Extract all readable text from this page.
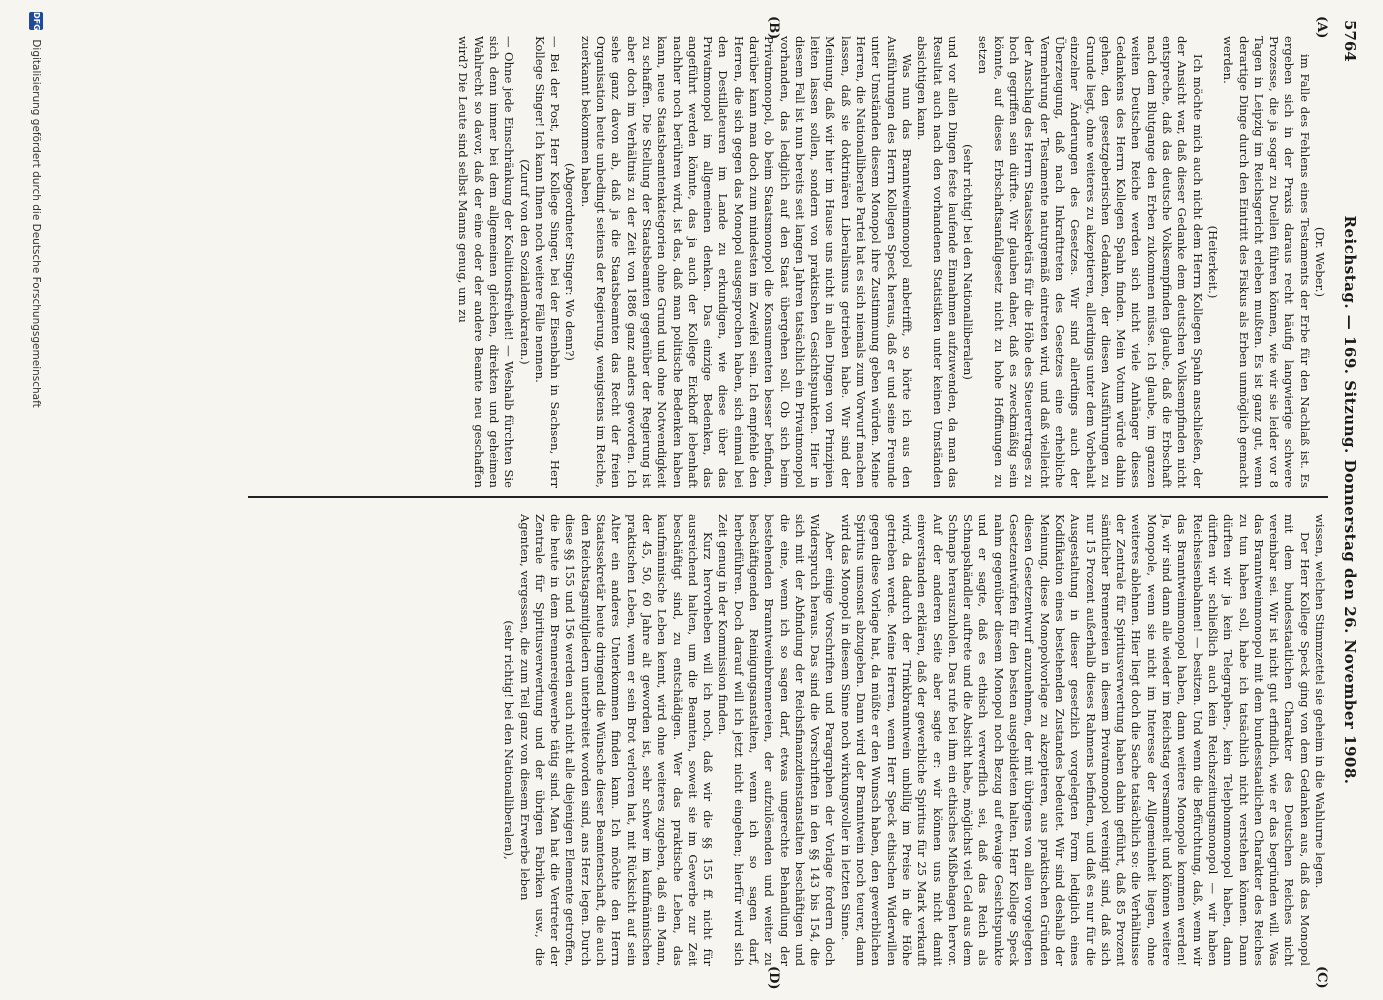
5764
Reichstag. — 169. Sitzung. Donnerstag den 26. November 1908.
(A)
(B)
(C)
(D)

(Dr. Weber.)

im Falle des Fehlens eines Testaments der Erbe für den Nachlaß ist. Es ergeben sich in der Praxis daraus recht häufig langwierige schwere Prozesse, die ja sogar zu Duellen führen können, wie wir sie leider vor 8 Tagen in Leipzig im Reichsgericht erleben mußten. Es ist ganz gut, wenn derartige Dinge durch den Eintritt des Fiskus als Erben unmöglich gemacht werden.

(Heiterkeit.)

Ich möchte mich auch nicht dem Herrn Kollegen Spahn anschließen, der der Ansicht war, daß dieser Gedanke dem deutschen Volksempfinden nicht entspreche, daß das deutsche Volksempfinden glaube, daß die Erbschaft nach dem Blutgange den Erben zukommen müsse. Ich glaube, im ganzen weiten Deutschen Reiche werden sich nicht viele Anhänger dieses Gedankens des Herrn Kollegen Spahn finden. Mein Votum würde dahin gehen, den gesetzgeberischen Gedanken, der diesen Ausführungen zu Grunde liegt, ohne weiteres zu akzeptieren, allerdings unter dem Vorbehalt einzelner Änderungen des Gesetzes. Wir sind allerdings auch der Überzeugung, daß nach Inkrafttreten des Gesetzes eine erhebliche Vermehrung der Testamente naturgemäß eintreten wird, und daß vielleicht der Anschlag des Herrn Staatssekretärs für die Höhe des Steuerertrages zu hoch gegriffen sein dürfte. Wir glauben daher, daß es zweckmäßig sein könnte, auf dieses Erbschaftsanfallgesetz nicht zu hohe Hoffnungen zu setzen

(sehr richtig! bei den Nationalliberalen)

und vor allen Dingen feste laufende Einnahmen aufzuwenden, da man das Resultat auch nach den vorhandenen Statistiken unter keinen Umständen absichtigen kann.

Was nun das Branntweinmonopol anbetrifft, so hörte ich aus den Ausführungen des Herrn Kollegen Speck heraus, daß er und seine Freunde unter Umständen diesem Monopol ihre Zustimmung geben würden. Meine Herren, die Nationalliberale Partei hat es sich niemals zum Vorwurf machen lassen, daß sie doktrinären Liberalismus getrieben habe. Wir sind der Meinung, daß wir hier im Hause uns nicht in allen Dingen von Prinzipien leiten lassen sollen, sondern von praktischen Gesichtspunkten. Hier in diesem Fall ist nun bereits seit langen Jahren tatsächlich ein Privatmonopol vorhanden, das lediglich auf den Staat übergehen soll. Ob sich beim Privatmonopol, ob beim Staatsmonopol die Konsumenten besser befinden, darüber kann man doch zum mindesten im Zweifel sein. Ich empfehle den Herren, die sich gegen das Monopol ausgesprochen haben, sich einmal bei den Destillateuren im Lande zu erkundigen, wie diese über das Privatmonopol im allgemeinen denken. Das einzige Bedenken, das angeführt werden könnte, das ja auch der Kollege Eickhoff lebenhaft nachher noch berühren wird, ist das, daß man politische Bedenken haben kann, neue Staatsbeamtenkategorien ohne Grund und ohne Notwendigkeit zu schaffen. Die Stellung der Staatsbeamten gegenüber der Regierung ist aber doch im Verhältnis zu der Zeit von 1886 ganz anders geworden. Ich sehe ganz davon ab, daß ja die Staatsbeamten das Recht der freien Organisation heute unbedingt seitens der Regierung, wenigstens im Reiche, zuerkannt bekommen haben.

(Abgeordneter Singer: Wo denn?)

— Bei der Post, Herr Kollege Singer, bei der Eisenbahn in Sachsen, Herr Kollege Singer! Ich kann Ihnen noch weitere Fälle nennen.

(Zuruf von den Sozialdemokraten.)

— Ohne jede Einschränkung der Koalitionsfreiheit! — Weshalb fürchten Sie sich denn immer bei dem allgemeinen gleichen, direkten und geheimen Wahlrecht so davor, daß der eine oder der andere Beamte neu geschaffen wird? Die Leute sind selbst Manns genug, um zu

wissen, welchen Stimmzettel sie geheim in die Wahlurne legen.

Der Herr Kollege Speck ging von dem Gedanken aus, daß das Monopol mit dem bundesstaatlichen Charakter des Deutschen Reiches nicht vereinbar sei. Wir ist nicht gut erfindlich, wie er das begründen will. Was das Branntweinmonopol mit dem bundesstaatlichen Charakter des Reiches zu tun haben soll, habe ich tatsächlich nicht verstehen können. Dann dürften wir ja kein Telegraphen-, kein Telephonmonopol haben, dann dürften wir schließlich auch kein Reichszeitungsmonopol — wir haben Reichseisenbahnen! — besitzen. Und wenn die Befürchtung, daß, wenn wir das Branntweinmonopol haben, dann weitere Monopole kommen werden! Ja, wir sind dann alle wieder im Reichstag versammelt und können weitere Monopole, wenn sie nicht im Interesse der Allgemeinheit liegen, ohne weiteres ablehnen. Hier liegt doch die Sache tatsächlich so: die Verhältnisse der Zentrale für Spiritusverwertung haben dahin geführt, daß 85 Prozent sämtlicher Brennereien in diesem Privatmonopol vereinigt sind, daß sich nur 15 Prozent außerhalb dieses Rahmens befinden, und daß es nur für die Ausgestaltung in dieser gesetzlich vorgelegten Form lediglich eines Kodifikation eines bestehenden Zustandes bedeutet. Wir sind deshalb der Meinung, diese Monopolvorlage zu akzeptieren, aus praktischen Gründen diesen Gesetzentwurf anzunehmen, der mit übrigens von allen vorgelegten Gesetzentwürfen für den besten ausgebildeten halten. Herr Kollege Speck nahm gegenüber diesem Monopol noch Bezug auf etwaige Gesichtspunkte und er sagte, daß es ethisch verwerflich sei, daß das Reich als Schnapshändler auftrete und die Absicht habe, möglichst viel Geld aus dem Schnaps herauszuholen. Das rufe bei ihm ein ethisches Mißbehagen hervor. Auf der anderen Seite aber sagte er: wir können uns nicht damit einverstanden erklären, daß der gewerbliche Spiritus für 25 Mark verkauft wird, da dadurch der Trinkbranntwein unbillig im Preise in die Höhe getrieben werde. Meine Herren, wenn Herr Speck ethischen Widerwillen gegen diese Vorlage hat, da müßte er den Wunsch haben, den gewerblichen Spiritus umsonst abzugeben. Dann wird der Branntwein noch teurer, dann wird das Monopol in diesem Sinne noch wirkungsvoller in letzten Sinne.

Aber einige Vorschriften und Paragraphen der Vorlage fordern doch Widerspruch heraus. Das sind die Vorschriften in den §§ 143 bis 154, die sich mit der Abfindung der Reichsfinanzdienstanstalten beschäftigen und die eine, wenn ich so sagen darf, etwas ungerechte Behandlung der bestehenden Branntweinbrennereien, der aufzulösenden und weiter zu beschäftigenden Reinigungsanstalten, wenn ich so sagen darf, herbeiführen. Doch darauf will ich jetzt nicht eingehen; hierfür wird sich Zeit genug in der Kommission finden.

Kurz hervorheben will ich noch, daß wir die §§ 155 ff. nicht für ausreichend halten, um die Beamten, soweit sie im Gewerbe zur Zeit beschäftigt sind, zu entschädigen. Wer das praktische Leben, das kaufmännische Leben kennt, wird ohne weiteres zugeben, daß ein Mann, der 45, 50, 60 Jahre alt geworden ist, sehr schwer im kaufmännischen praktischen Leben, wenn er sein Brot verloren hat, mit Rücksicht auf sein Alter ein anderes Unterkommen finden kann. Ich möchte den Herrn Staatssekretär heute dringend die Wünsche dieser Beamtenschaft, die auch den Reichstagsmitgliedern unterbreitet worden sind, ans Herz legen. Durch diese §§ 155 und 156 werden auch nicht alle diejenigen Elemente getroffen, die heute in dem Brennereigewerbe tätig sind. Man hat die Vertreter der Zentrale für Spiritusverwertung und der übrigen Fabriken usw., die Agenten, vergessen, die zum Teil ganz von diesem Erwerbe leben

(sehr richtig! bei den Nationalliberalen),

DFG Digitalisierung gefördert durch die Deutsche Forschungsgemeinschaft
